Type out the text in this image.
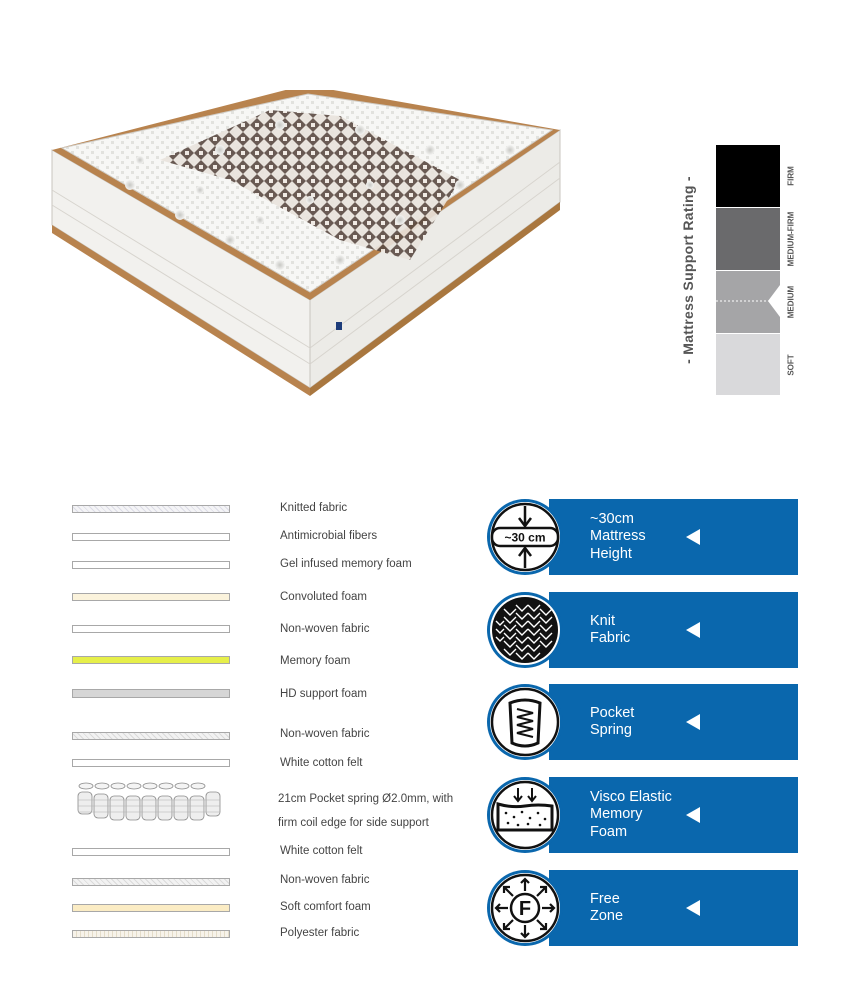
- Mattress Support Rating -
FIRM
MEDIUM-FIRM
MEDIUM
SOFT
Knitted fabric
Antimicrobial fibers
Gel infused memory foam
Convoluted foam
Non-woven fabric
Memory foam
HD support foam
Non-woven fabric
White cotton felt
21cm Pocket spring Ø2.0mm, with
firm coil edge for side support
White cotton felt
Non-woven fabric
Soft comfort foam
Polyester fabric
~30 cm
~30cm
Mattress
Height
Knit
Fabric
Pocket
Spring
Visco Elastic
Memory
Foam
F	Free
Zone
